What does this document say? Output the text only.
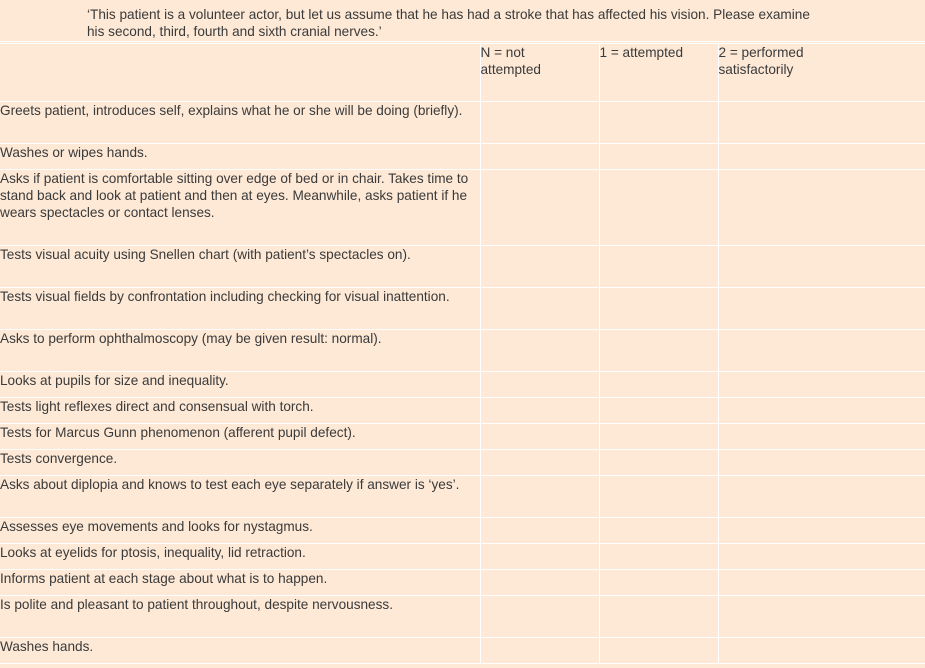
‘This patient is a volunteer actor, but let us assume that he has had a stroke that has affected his vision. Please examine his second, third, fourth and sixth cranial nerves.’

	N = not attempted	1 = attempted	2 = performed satisfactorily

Greets patient, introduces self, explains what he or she will be doing (briefly).			

Washes or wipes hands.			

Asks if patient is comfortable sitting over edge of bed or in chair. Takes time to stand back and look at patient and then at eyes. Meanwhile, asks patient if he wears spectacles or contact lenses.			

Tests visual acuity using Snellen chart (with patient’s spectacles on).			

Tests visual fields by confrontation including checking for visual inattention.			

Asks to perform ophthalmoscopy (may be given result: normal).			

Looks at pupils for size and inequality.			

Tests light reflexes direct and consensual with torch.			

Tests for Marcus Gunn phenomenon (afferent pupil defect).			

Tests convergence.			

Asks about diplopia and knows to test each eye separately if answer is ‘yes’.			

Assesses eye movements and looks for nystagmus.			

Looks at eyelids for ptosis, inequality, lid retraction.			

Informs patient at each stage about what is to happen.			

Is polite and pleasant to patient throughout, despite nervousness.			

Washes hands.			
